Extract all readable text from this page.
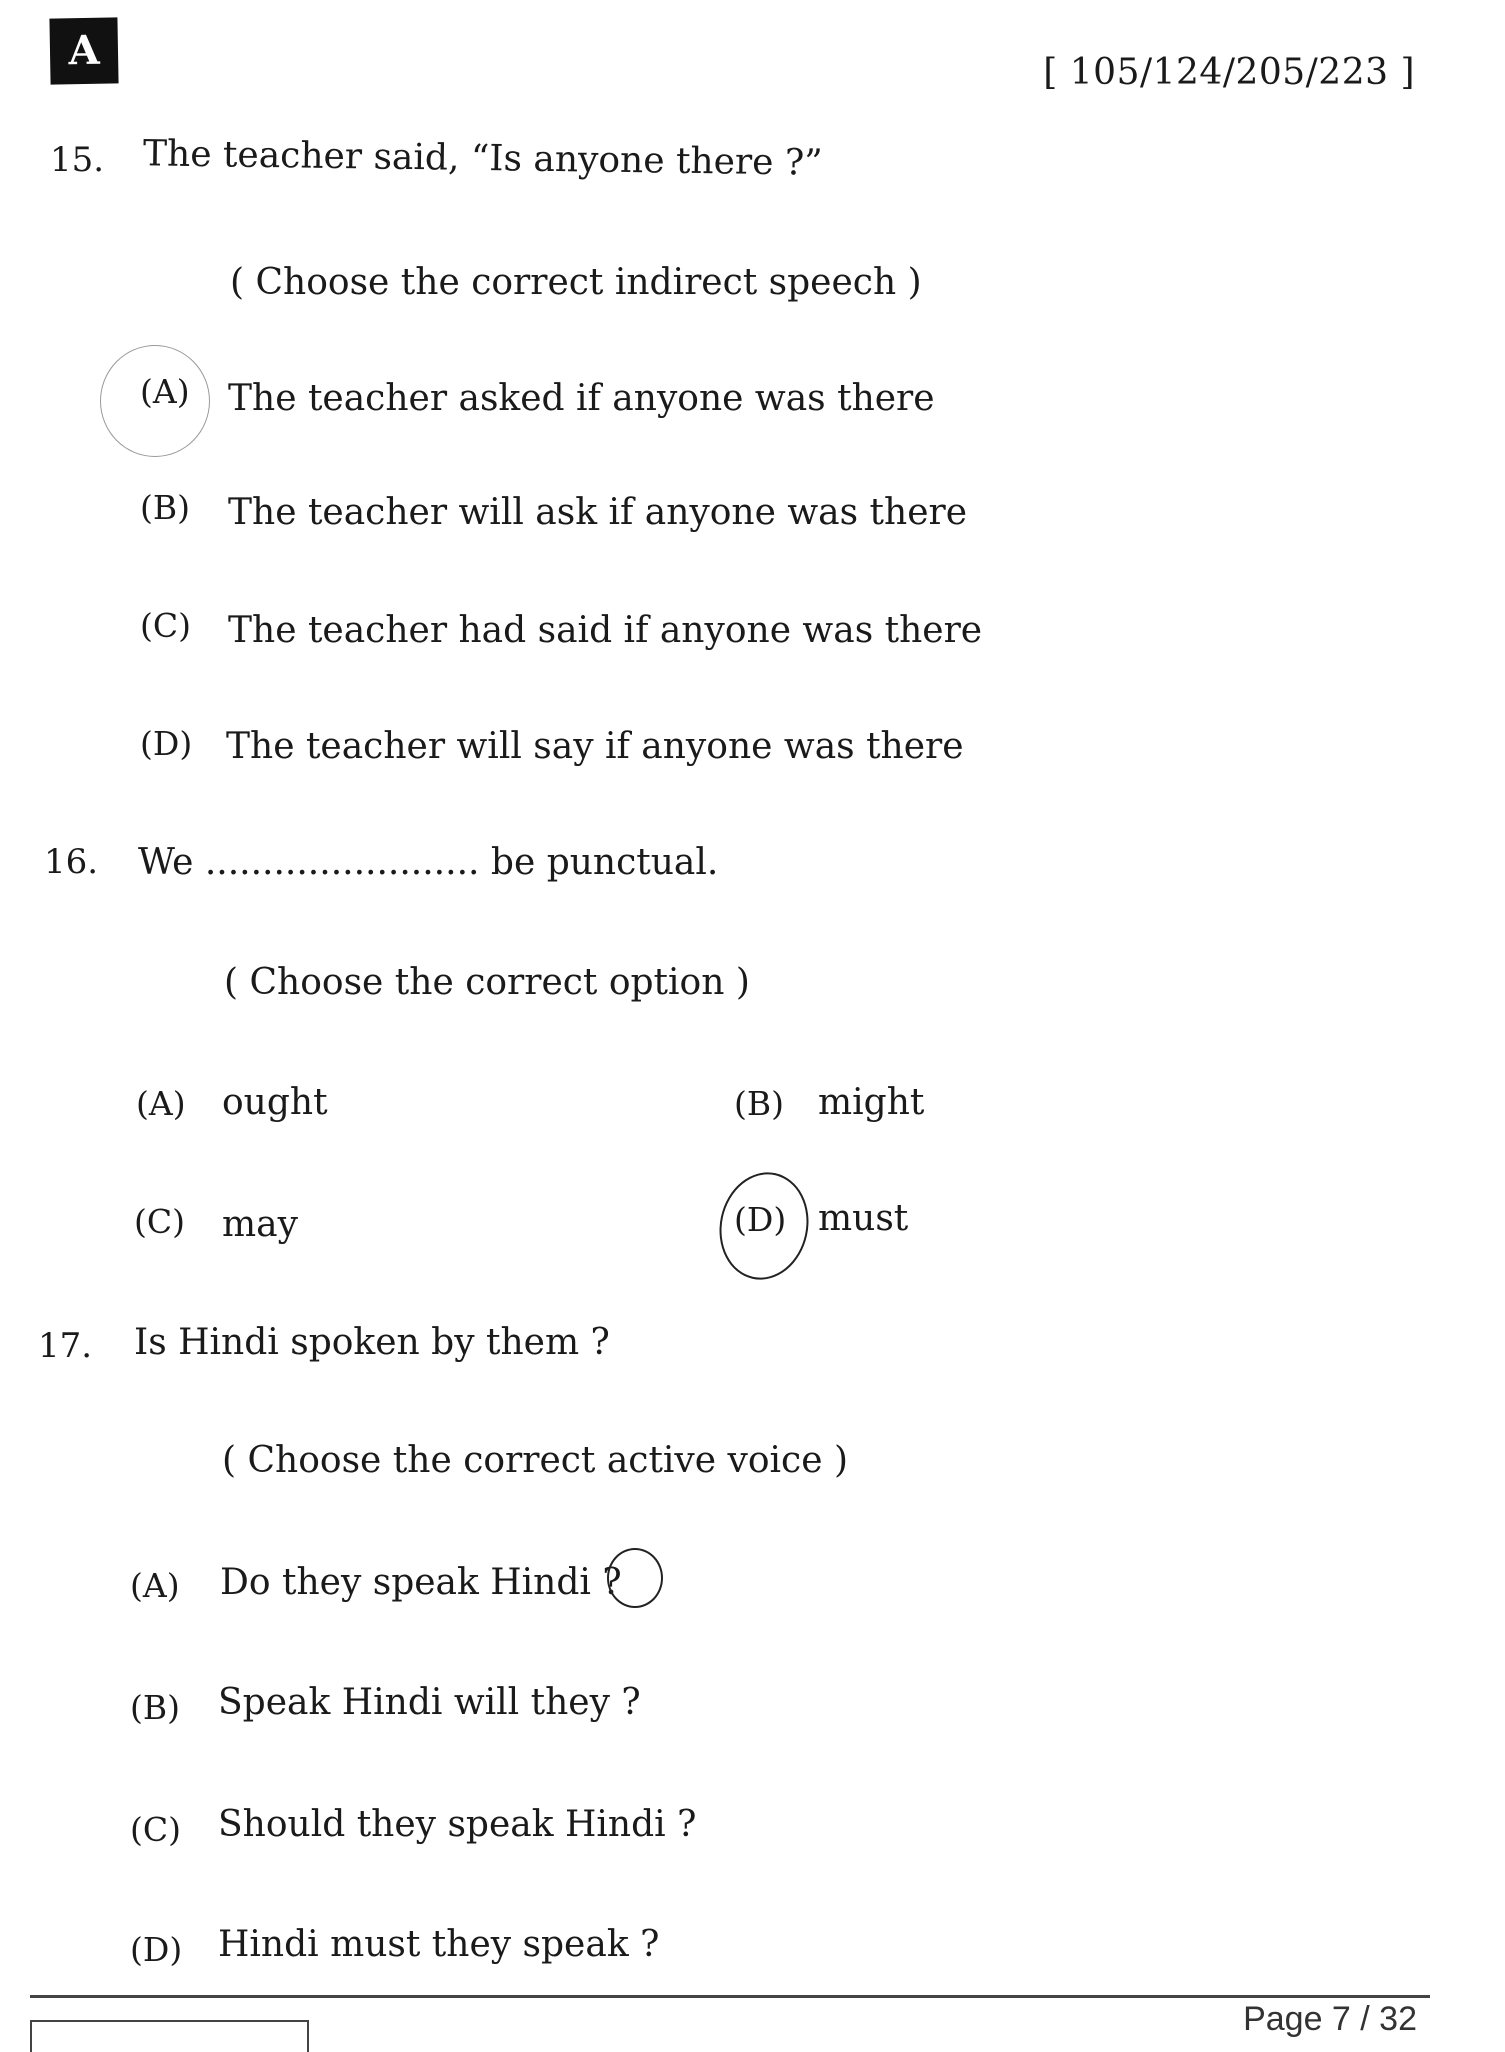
A	[ 105/124/205/223 ]
15. The teacher said, “Is anyone there ?”
( Choose the correct indirect speech )
(A) The teacher asked if anyone was there
(B) The teacher will ask if anyone was there
(C) The teacher had said if anyone was there
(D) The teacher will say if anyone was there
16. We ........................ be punctual.
( Choose the correct option )
(A) ought	(B) might
(C) may	(D) must
17. Is Hindi spoken by them ?
( Choose the correct active voice )
(A) Do they speak Hindi ?
(B) Speak Hindi will they ?
(C) Should they speak Hindi ?
(D) Hindi must they speak ?
Page 7 / 32
